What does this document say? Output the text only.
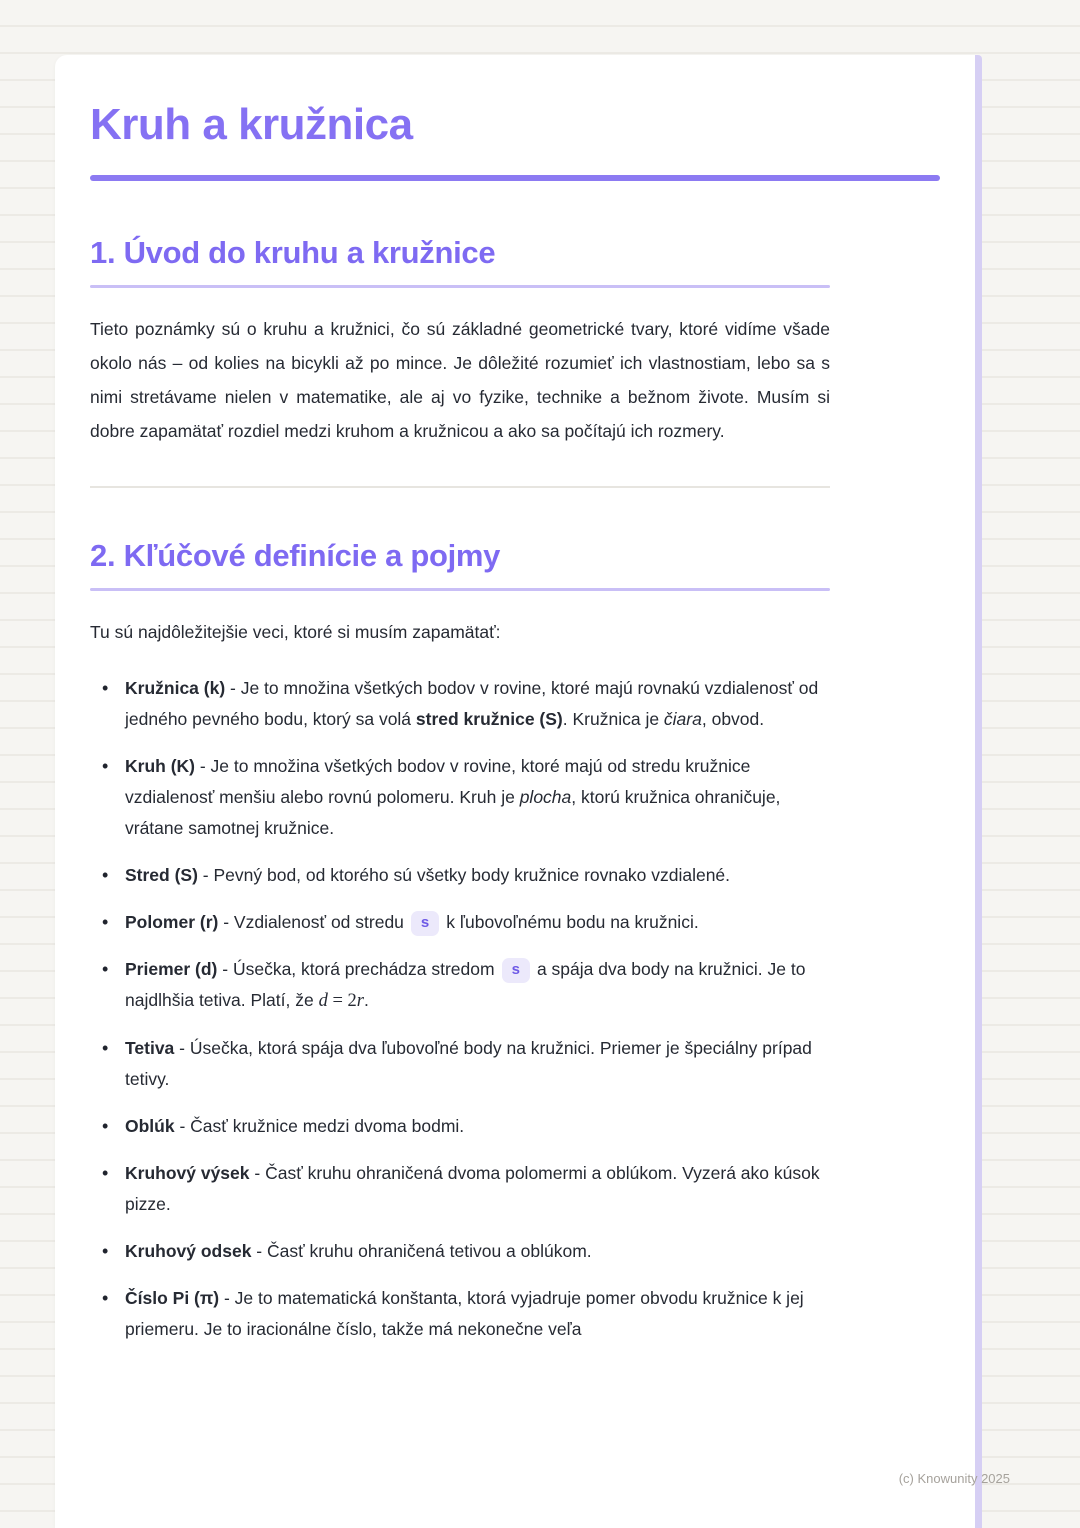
Kruh a kružnica
1. Úvod do kruhu a kružnice

Tieto poznámky sú o kruhu a kružnici, čo sú základné geometrické tvary, ktoré vidíme všade okolo nás – od kolies na bicykli až po mince. Je dôležité rozumieť ich vlastnostiam, lebo sa s nimi stretávame nielen v matematike, ale aj vo fyzike, technike a bežnom živote. Musím si dobre zapamätať rozdiel medzi kruhom a kružnicou a ako sa počítajú ich rozmery.

2. Kľúčové definície a pojmy

Tu sú najdôležitejšie veci, ktoré si musím zapamätať:

• Kružnica (k) - Je to množina všetkých bodov v rovine, ktoré majú rovnakú vzdialenosť od jedného pevného bodu, ktorý sa volá stred kružnice (S). Kružnica je čiara, obvod.
• Kruh (K) - Je to množina všetkých bodov v rovine, ktoré majú od stredu kružnice vzdialenosť menšiu alebo rovnú polomeru. Kruh je plocha, ktorú kružnica ohraničuje, vrátane samotnej kružnice.
• Stred (S) - Pevný bod, od ktorého sú všetky body kružnice rovnako vzdialené.
• Polomer (r) - Vzdialenosť od stredu s k ľubovoľnému bodu na kružnici.
• Priemer (d) - Úsečka, ktorá prechádza stredom s a spája dva body na kružnici. Je to najdlhšia tetiva. Platí, že d = 2r.
• Tetiva - Úsečka, ktorá spája dva ľubovoľné body na kružnici. Priemer je špeciálny prípad tetivy.
• Oblúk - Časť kružnice medzi dvoma bodmi.
• Kruhový výsek - Časť kruhu ohraničená dvoma polomermi a oblúkom. Vyzerá ako kúsok pizze.
• Kruhový odsek - Časť kruhu ohraničená tetivou a oblúkom.
• Číslo Pi (π) - Je to matematická konštanta, ktorá vyjadruje pomer obvodu kružnice k jej priemeru. Je to iracionálne číslo, takže má nekonečne veľa
(c) Knowunity 2025
